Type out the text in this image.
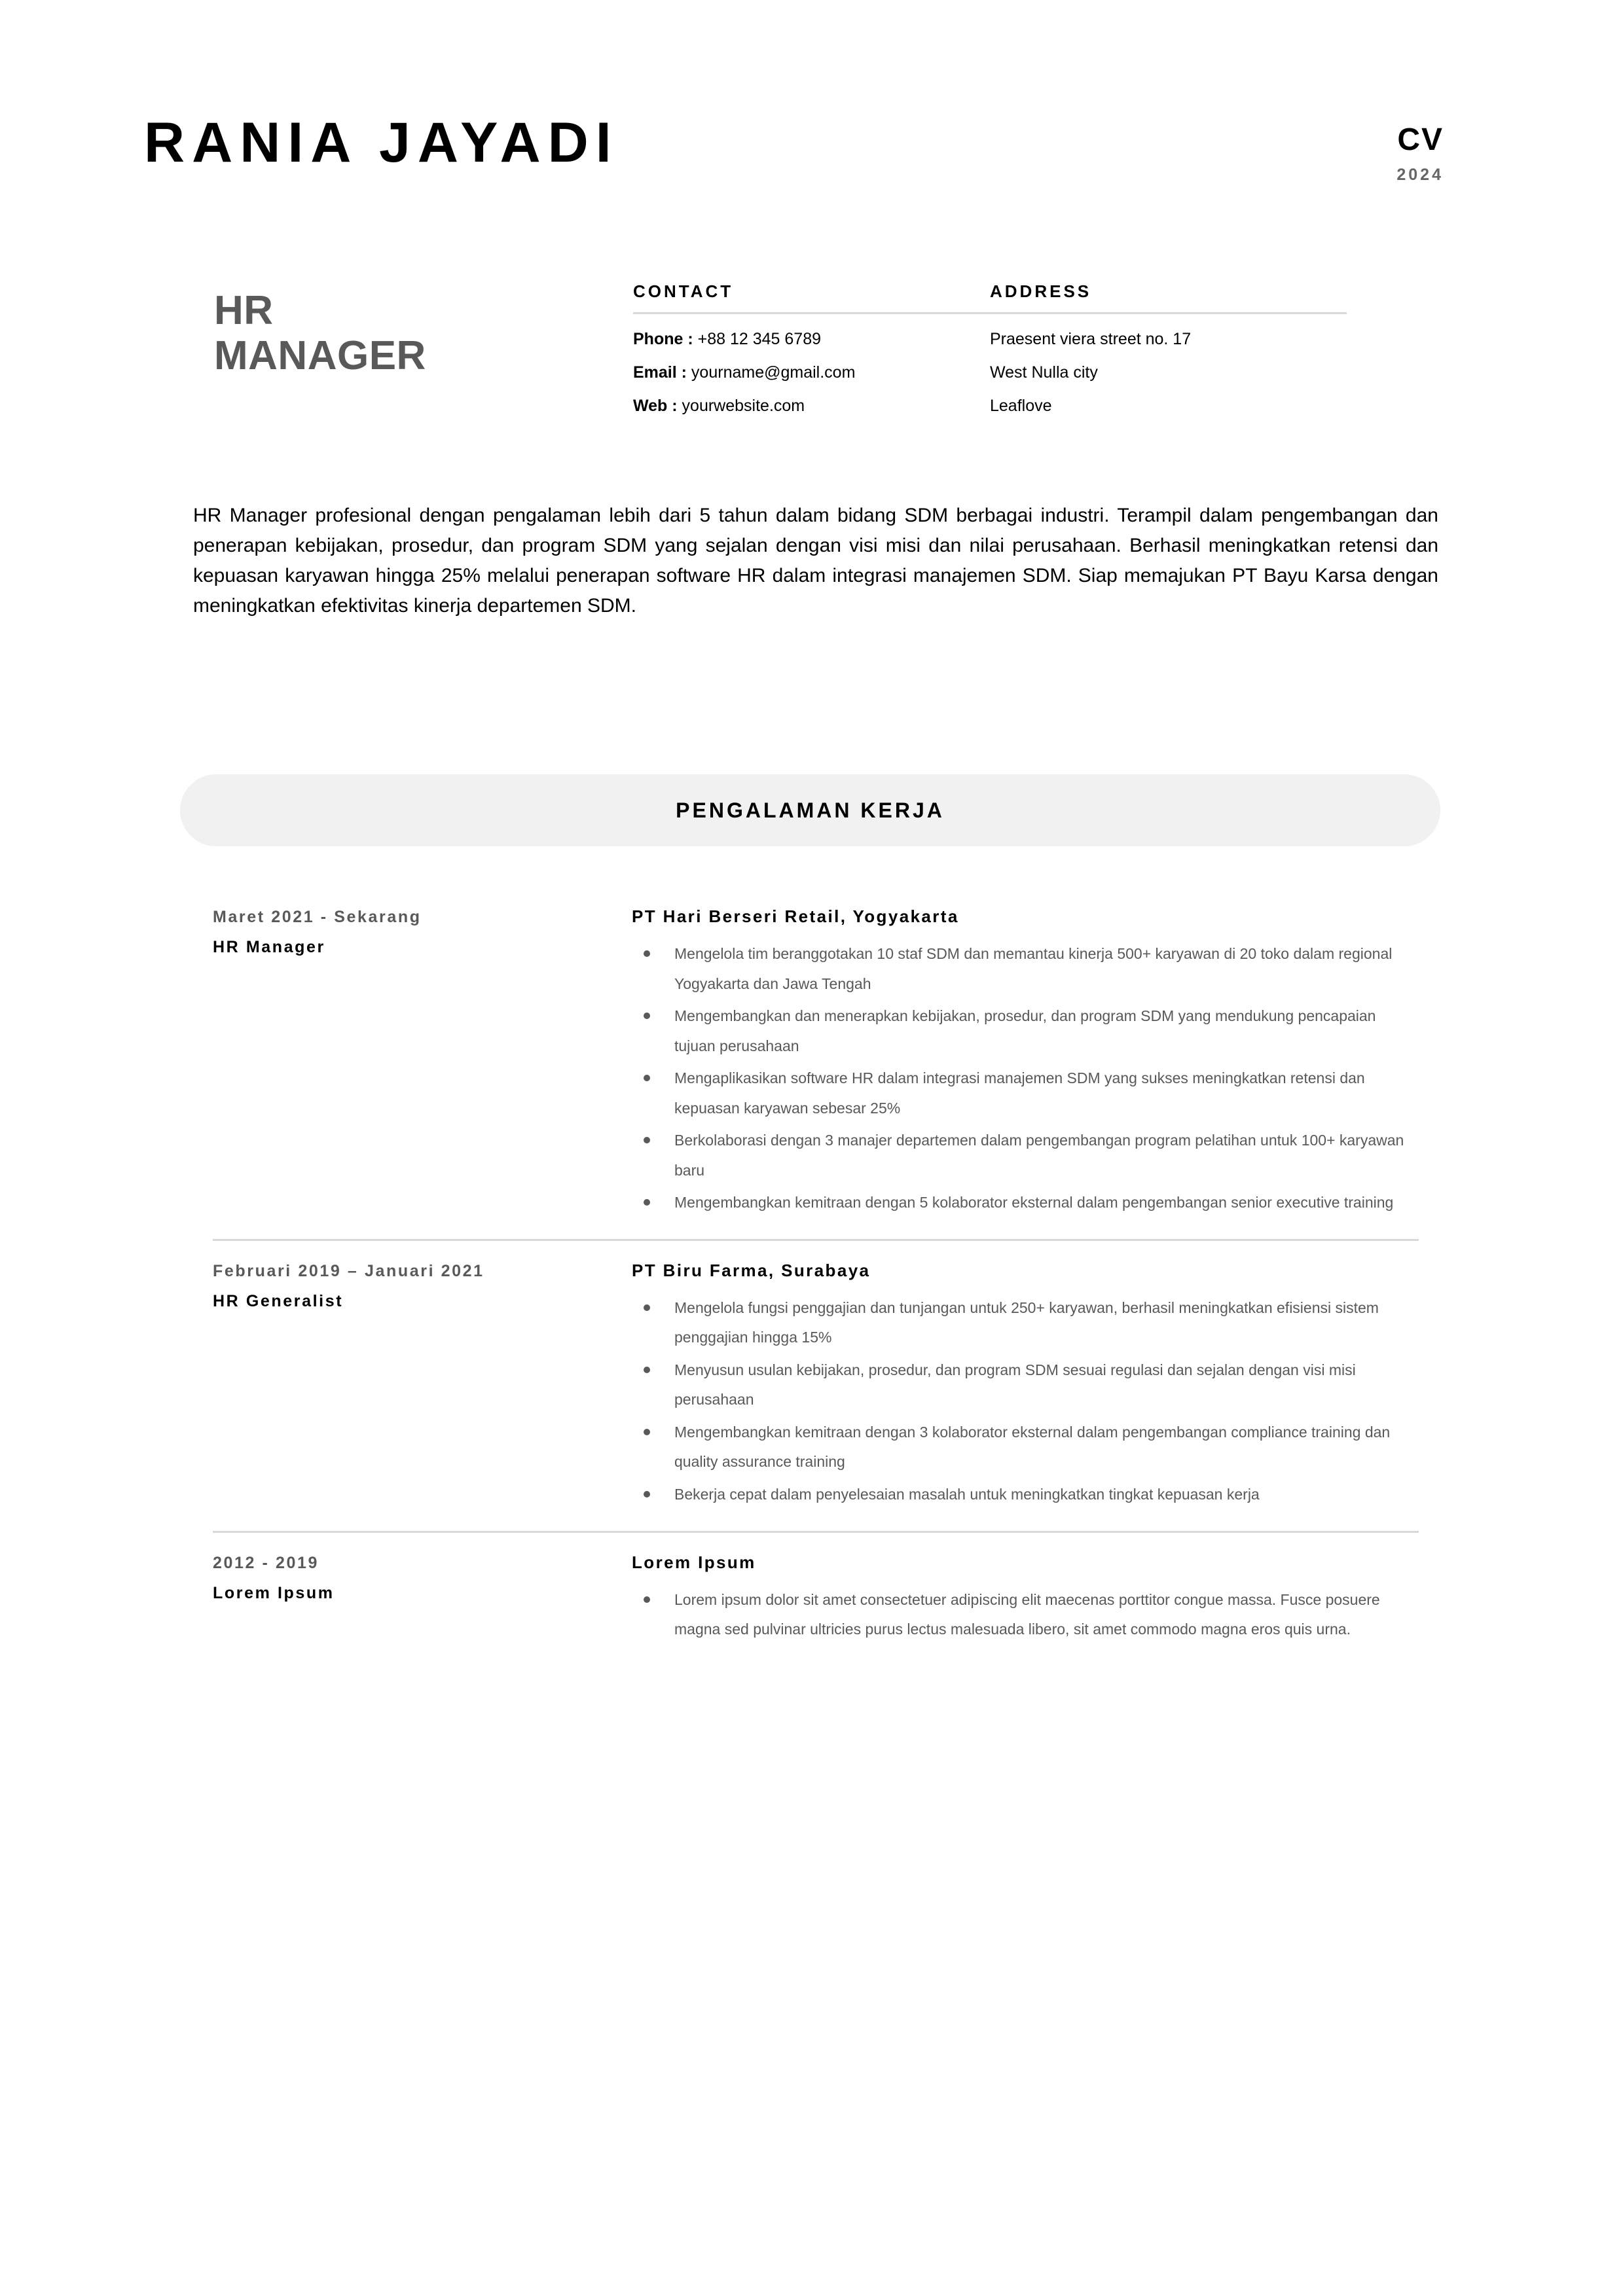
RANIA JAYADI	CV
2024
HR
MANAGER
CONTACT
Phone : +88 12 345 6789
Email : yourname@gmail.com
Web : yourwebsite.com
ADDRESS
Praesent viera street no. 17
West Nulla city
Leaflove
HR Manager profesional dengan pengalaman lebih dari 5 tahun dalam bidang SDM berbagai industri. Terampil dalam pengembangan dan penerapan kebijakan, prosedur, dan program SDM yang sejalan dengan visi misi dan nilai perusahaan. Berhasil meningkatkan retensi dan kepuasan karyawan hingga 25% melalui penerapan software HR dalam integrasi manajemen SDM. Siap memajukan PT Bayu Karsa dengan meningkatkan efektivitas kinerja departemen SDM.
PENGALAMAN KERJA
Maret 2021 - Sekarang
HR Manager
PT Hari Berseri Retail, Yogyakarta
Mengelola tim beranggotakan 10 staf SDM dan memantau kinerja 500+ karyawan di 20 toko dalam regional Yogyakarta dan Jawa Tengah
Mengembangkan dan menerapkan kebijakan, prosedur, dan program SDM yang mendukung pencapaian tujuan perusahaan
Mengaplikasikan software HR dalam integrasi manajemen SDM yang sukses meningkatkan retensi dan kepuasan karyawan sebesar 25%
Berkolaborasi dengan 3 manajer departemen dalam pengembangan program pelatihan untuk 100+ karyawan baru
Mengembangkan kemitraan dengan 5 kolaborator eksternal dalam pengembangan senior executive training
Februari 2019 – Januari 2021
HR Generalist
PT Biru Farma, Surabaya
Mengelola fungsi penggajian dan tunjangan untuk 250+ karyawan, berhasil meningkatkan efisiensi sistem penggajian hingga 15%
Menyusun usulan kebijakan, prosedur, dan program SDM sesuai regulasi dan sejalan dengan visi misi perusahaan
Mengembangkan kemitraan dengan 3 kolaborator eksternal dalam pengembangan compliance training dan quality assurance training
Bekerja cepat dalam penyelesaian masalah untuk meningkatkan tingkat kepuasan kerja
2012 - 2019
Lorem Ipsum
Lorem Ipsum
Lorem ipsum dolor sit amet consectetuer adipiscing elit maecenas porttitor congue massa. Fusce posuere magna sed pulvinar ultricies purus lectus malesuada libero, sit amet commodo magna eros quis urna.
